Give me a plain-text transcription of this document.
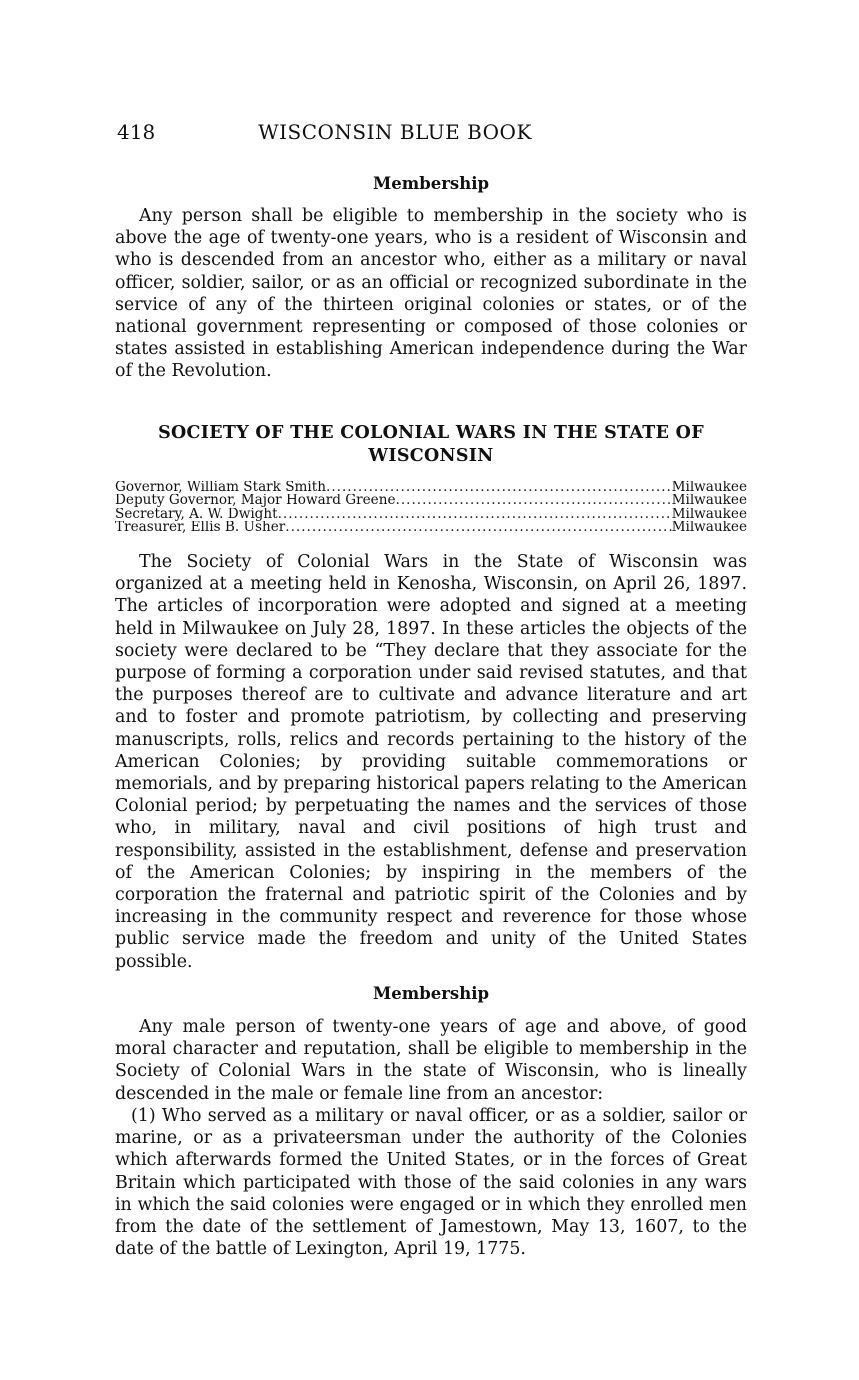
418	WISCONSIN BLUE BOOK
Membership

Any person shall be eligible to membership in the society who is above the age of twenty-one years, who is a resident of Wisconsin and who is descended from an ancestor who, either as a military or naval officer, soldier, sailor, or as an official or recognized subordinate in the service of any of the thirteen original colonies or states, or of the national government representing or composed of those colonies or states assisted in establishing American independence during the War of the Revolution.

SOCIETY OF THE COLONIAL WARS IN THE STATE OF
WISCONSIN
Governor, William Stark Smith .....	Milwaukee
Deputy Governor, Major Howard Greene .....	Milwaukee
Secretary, A. W. Dwight .....	Milwaukee
Treasurer, Ellis B. Usher .....	Milwaukee

The Society of Colonial Wars in the State of Wisconsin was organized at a meeting held in Kenosha, Wisconsin, on April 26, 1897. The articles of incorporation were adopted and signed at a meeting held in Milwaukee on July 28, 1897. In these articles the objects of the society were declared to be “They declare that they associate for the purpose of forming a corporation under said revised statutes, and that the purposes thereof are to cultivate and advance literature and art and to foster and promote patriotism, by collecting and preserving manuscripts, rolls, relics and records pertaining to the history of the American Colonies; by providing suitable commemorations or memorials, and by preparing historical papers relating to the American Colonial period; by perpetuating the names and the services of those who, in military, naval and civil positions of high trust and responsibility, assisted in the establishment, defense and preservation of the American Colonies; by inspiring in the members of the corporation the fraternal and patriotic spirit of the Colonies and by increasing in the community respect and reverence for those whose public service made the freedom and unity of the United States possible.

Membership

Any male person of twenty-one years of age and above, of good moral character and reputation, shall be eligible to membership in the Society of Colonial Wars in the state of Wisconsin, who is lineally descended in the male or female line from an ancestor:

(1) Who served as a military or naval officer, or as a soldier, sailor or marine, or as a privateersman under the authority of the Colonies which afterwards formed the United States, or in the forces of Great Britain which participated with those of the said colonies in any wars in which the said colonies were engaged or in which they enrolled men from the date of the settlement of Jamestown, May 13, 1607, to the date of the battle of Lexington, April 19, 1775.
